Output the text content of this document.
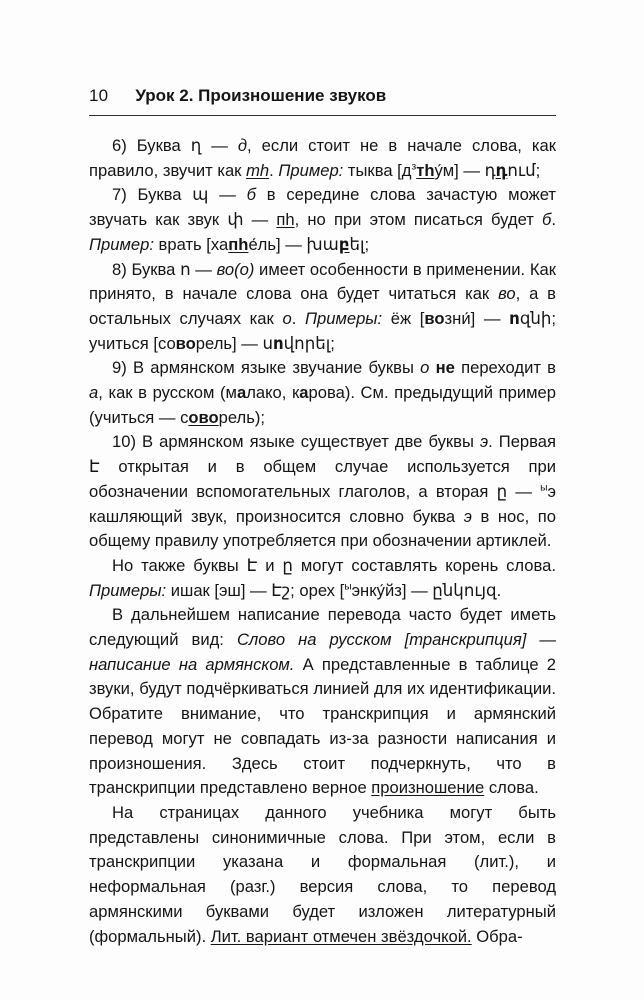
10 Урок 2. Произношение звуков

6) Буква ղ — д, если стоит не в начале слова, как правило, звучит как тh. Пример: тыква $[д^зтhу́м]$ — դդում;

7) Буква պ — б в середине слова зачастую может звучать как звук փ — пh, но при этом писаться будет б. Пример: врать [хапhе́ль] — խաբել;

8) Буква ո — во(о) имеет особенности в применении. Как принято, в начале слова она будет читаться как во, а в остальных случаях как о. Примеры: ёж [возни́] — ոզնի; учиться [соворель] — սովորել;

9) В армянском языке звучание буквы о не переходит в а, как в русском (малако, карова). См. предыдущий пример (учиться — соворель);

10) В армянском языке существует две буквы э. Первая Է открытая и в общем случае используется при обозначении вспомогательных глаголов, а вторая ը — $^ы$э кашляющий звук, произносится словно буква э в нос, по общему правилу употребляется при обозначении артиклей.

Но также буквы Է и ը могут составлять корень слова. Примеры: ишак [эш] — Էշ; орех [$^ы$энку́йз] — ընկույզ.

В дальнейшем написание перевода часто будет иметь следующий вид: Слово на русском [транскрипция] — написание на армянском. А представленные в таблице 2 звуки, будут подчёркиваться линией для их идентификации. Обратите внимание, что транскрипция и армянский перевод могут не совпадать из-за разности написания и произношения. Здесь стоит подчеркнуть, что в транскрипции представлено верное произношение слова.

На страницах данного учебника могут быть представлены синонимичные слова. При этом, если в транскрипции указана и формальная (лит.), и неформальная (разг.) версия слова, то перевод армянскими буквами будет изложен литературный (формальный). Лит. вариант отмечен звёздочкой. Обра-
